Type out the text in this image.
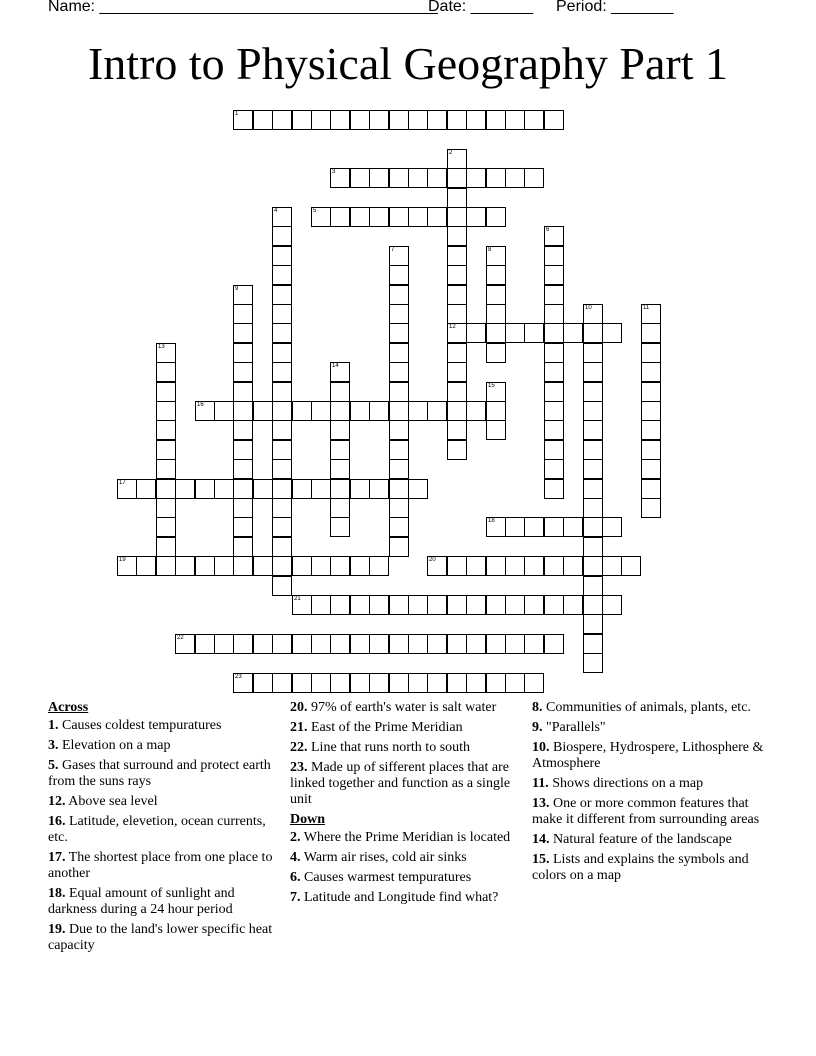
Name: ______________________________________
Date: _______ Period: _______
Intro to Physical Geography Part 1
1
2
12
3
4	5
6
7	8
9
10	11
13
14
15
16
17
18
19	20
21
22
23
Across
1. Causes coldest tempuratures
3. Elevation on a map
5. Gases that surround and protect earth from the suns rays
12. Above sea level
16. Latitude, elevetion, ocean currents, etc.
17. The shortest place from one place to another
18. Equal amount of sunlight and darkness during a 24 hour period
19. Due to the land's lower specific heat capacity
20. 97% of earth's water is salt water
21. East of the Prime Meridian
22. Line that runs north to south
23. Made up of sifferent places that are linked together and function as a single unit
Down
2. Where the Prime Meridian is located
4. Warm air rises, cold air sinks
6. Causes warmest tempuratures
7. Latitude and Longitude find what?
8. Communities of animals, plants, etc.
9. "Parallels"
10. Biospere, Hydrospere, Lithosphere & Atmosphere
11. Shows directions on a map
13. One or more common features that make it different from surrounding areas
14. Natural feature of the landscape
15. Lists and explains the symbols and colors on a map
